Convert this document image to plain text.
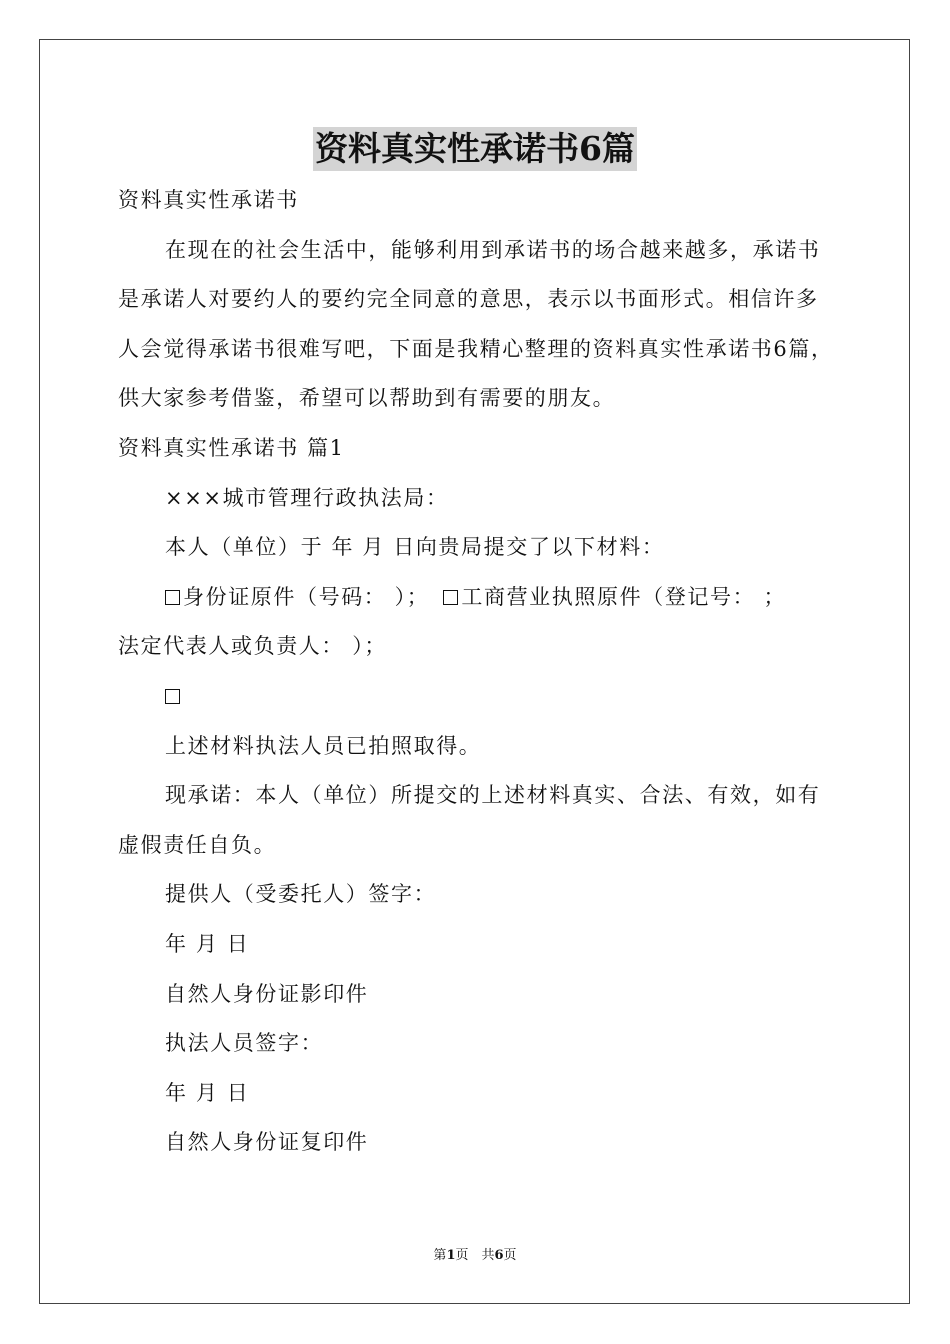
资料真实性承诺书6篇

资料真实性承诺书

在现在的社会生活中，能够利用到承诺书的场合越来越多，承诺书是承诺人对要约人的要约完全同意的意思，表示以书面形式。相信许多人会觉得承诺书很难写吧，下面是我精心整理的资料真实性承诺书6篇，供大家参考借鉴，希望可以帮助到有需要的朋友。

资料真实性承诺书 篇1

×××城市管理行政执法局：

本人（单位）于 年 月 日向贵局提交了以下材料：

身份证原件（号码： ）； 工商营业执照原件（登记号： ；

法定代表人或负责人： ）；

上述材料执法人员已拍照取得。

现承诺：本人（单位）所提交的上述材料真实、合法、有效，如有虚假责任自负。

提供人（受委托人）签字：

年 月 日

自然人身份证影印件

执法人员签字：

年 月 日

自然人身份证复印件

第1页　共6页
